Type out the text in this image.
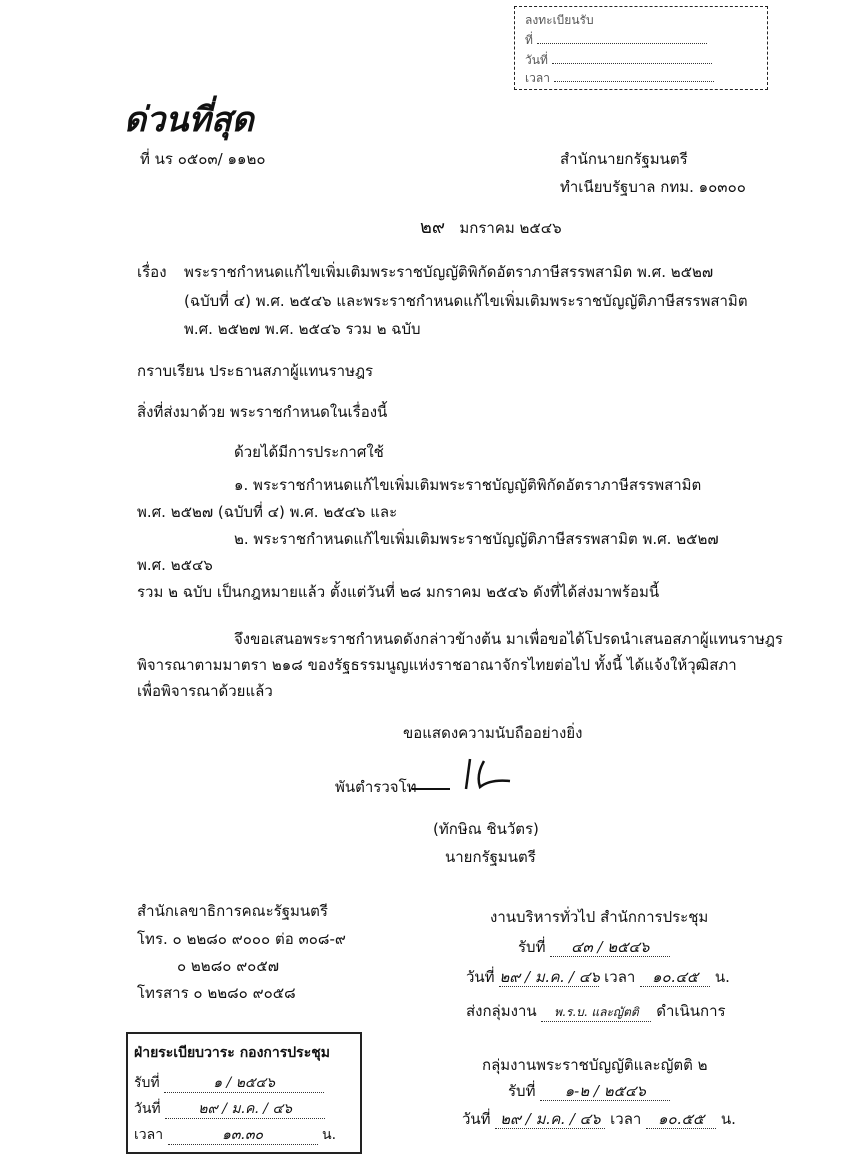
ลงทะเบียนรับ
ที่
วันที่
เวลา
ด่วนที่สุด
ที่ นร ๐๕๐๓/ ๑๑๒๐	สำนักนายกรัฐมนตรี
ทำเนียบรัฐบาล กทม. ๑๐๓๐๐
๒๙ มกราคม ๒๕๔๖
เรื่อง พระราชกำหนดแก้ไขเพิ่มเติมพระราชบัญญัติพิกัดอัตราภาษีสรรพสามิต พ.ศ. ๒๕๒๗
(ฉบับที่ ๔) พ.ศ. ๒๕๔๖ และพระราชกำหนดแก้ไขเพิ่มเติมพระราชบัญญัติภาษีสรรพสามิต
พ.ศ. ๒๕๒๗ พ.ศ. ๒๕๔๖ รวม ๒ ฉบับ
กราบเรียน ประธานสภาผู้แทนราษฎร
สิ่งที่ส่งมาด้วย พระราชกำหนดในเรื่องนี้
ด้วยได้มีการประกาศใช้
๑. พระราชกำหนดแก้ไขเพิ่มเติมพระราชบัญญัติพิกัดอัตราภาษีสรรพสามิต
พ.ศ. ๒๕๒๗ (ฉบับที่ ๔) พ.ศ. ๒๕๔๖ และ
๒. พระราชกำหนดแก้ไขเพิ่มเติมพระราชบัญญัติภาษีสรรพสามิต พ.ศ. ๒๕๒๗
พ.ศ. ๒๕๔๖
รวม ๒ ฉบับ เป็นกฎหมายแล้ว ตั้งแต่วันที่ ๒๘ มกราคม ๒๕๔๖ ดังที่ได้ส่งมาพร้อมนี้
จึงขอเสนอพระราชกำหนดดังกล่าวข้างต้น มาเพื่อขอได้โปรดนำเสนอสภาผู้แทนราษฎร
พิจารณาตามมาตรา ๒๑๘ ของรัฐธรรมนูญแห่งราชอาณาจักรไทยต่อไป ทั้งนี้ ได้แจ้งให้วุฒิสภา
เพื่อพิจารณาด้วยแล้ว
ขอแสดงความนับถืออย่างยิ่ง
พันตำรวจโท
(ทักษิณ ชินวัตร)
นายกรัฐมนตรี
สำนักเลขาธิการคณะรัฐมนตรี
โทร. ๐ ๒๒๘๐ ๙๐๐๐ ต่อ ๓๐๘-๙
๐ ๒๒๘๐ ๙๐๕๗
โทรสาร ๐ ๒๒๘๐ ๙๐๕๘
ฝ่ายระเบียบวาระ กองการประชุม
รับที่	๑ / ๒๕๔๖
วันที่	๒๙ / ม.ค. / ๔๖
เวลา	๑๓.๓๐	น.
งานบริหารทั่วไป สำนักการประชุม
รับที่ ๔๓ / ๒๕๔๖
วันที่ ๒๙ / ม.ค. / ๔๖ เวลา ๑๐.๔๕ น.
ส่งกลุ่มงาน พ.ร.บ. และญัตติ ดำเนินการ
กลุ่มงานพระราชบัญญัติและญัตติ ๒
รับที่ ๑-๒ / ๒๕๔๖
วันที่ ๒๙ / ม.ค. / ๔๖ เวลา ๑๐.๕๕ น.
